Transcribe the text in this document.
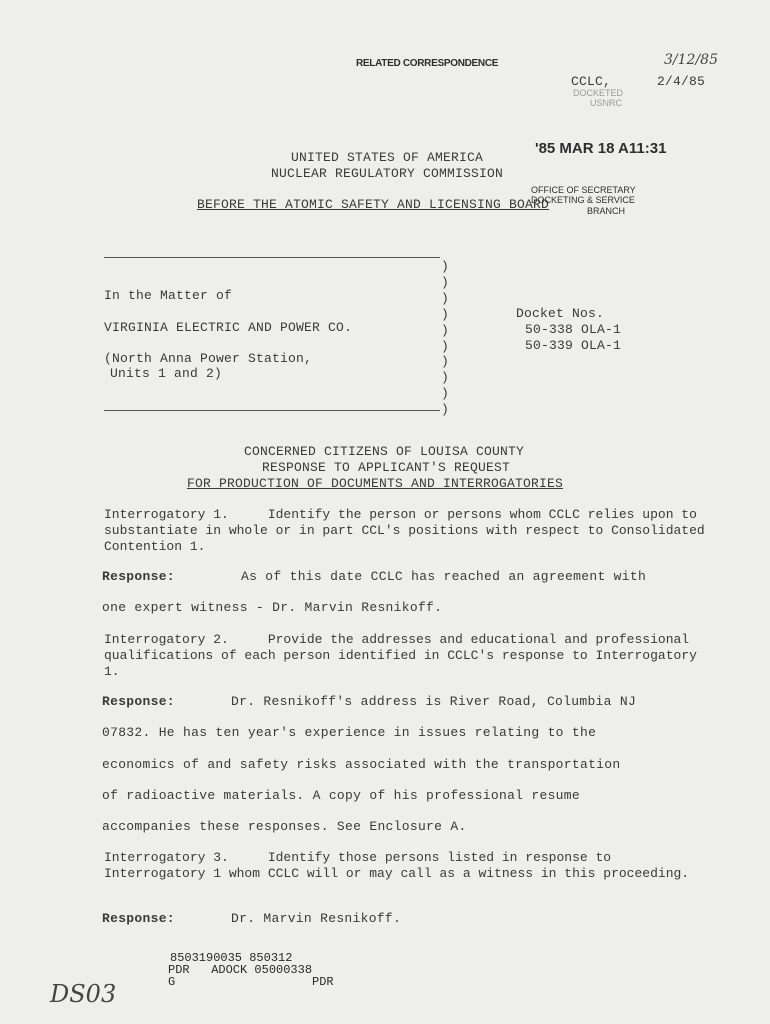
RELATED CORRESPONDENCE
CCLC,	2/4/85
3/12/85
DOCKETED
USNRC
'85 MAR 18 A11:31
OFFICE OF SECRETARY
DOCKETING & SERVICE
BRANCH
UNITED STATES OF AMERICA
NUCLEAR REGULATORY COMMISSION
BEFORE THE ATOMIC SAFETY AND LICENSING BOARD
)
)
)
)
)
)
)
)
)
)
In the Matter of
VIRGINIA ELECTRIC AND POWER CO.
(North Anna Power Station,
Units 1 and 2)
Docket Nos.
50-338 OLA-1
50-339 OLA-1
CONCERNED CITIZENS OF LOUISA COUNTY
RESPONSE TO APPLICANT'S REQUEST
FOR PRODUCTION OF DOCUMENTS AND INTERROGATORIES
Interrogatory 1.     Identify the person or persons whom CCLC relies upon to substantiate in whole or in part CCL's positions with respect to Consolidated Contention 1.
Response:	As of this date CCLC has reached an agreement with
one expert witness - Dr. Marvin Resnikoff.
Interrogatory 2.     Provide the addresses and educational and professional qualifications of each person identified in CCLC's response to Interrogatory 1.
Response:	Dr. Resnikoff's address is River Road, Columbia NJ
07832. He has ten year's experience in issues relating to the
economics of and safety risks associated with the transportation
of radioactive materials. A copy of his professional resume
accompanies these responses. See Enclosure A.
Interrogatory 3.     Identify those persons listed in response to Interrogatory 1 whom CCLC will or may call as a witness in this proceeding.
Response:	Dr. Marvin Resnikoff.
8503190035 850312
PDR   ADOCK 05000338
G                   PDR
DS03
